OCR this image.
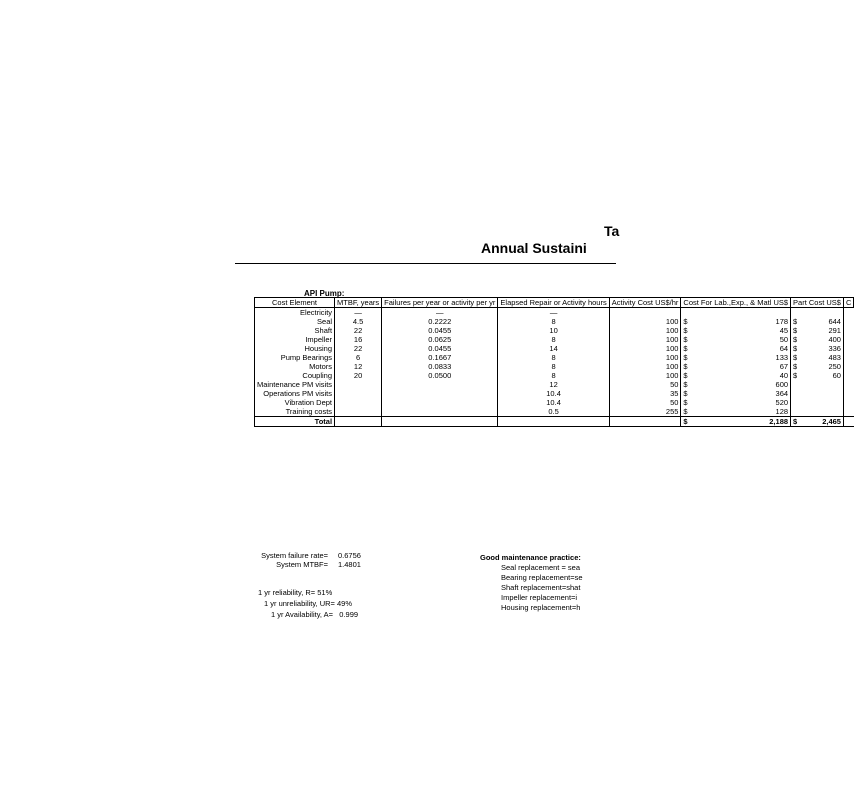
Ta
Annual Sustaini
API Pump:
Cost Element	MTBF, years	Failures per year or activity per yr	Elapsed Repair or Activity hours	Activity Cost US$/hr	Cost For Lab.,Exp., & Matl US$		Part Cost US$		C
Electricity	—	—	—						
Seal	4.5	0.2222	8	100	$	178	$	644	
Shaft	22	0.0455	10	100	$	45	$	291	
Impeller	16	0.0625	8	100	$	50	$	400	
Housing	22	0.0455	14	100	$	64	$	336	
Pump Bearings	6	0.1667	8	100	$	133	$	483	
Motors	12	0.0833	8	100	$	67	$	250	
Coupling	20	0.0500	8	100	$	40	$	60	
Maintenance PM visits			12	50	$	600			
Operations PM visits			10.4	35	$	364			
Vibration Dept			10.4	50	$	520			
Training costs			0.5	255	$	128			
Total					$	2,188	$	2,465	
System failure rate=	0.6756
System MTBF=	1.4801
1 yr reliability, R= 51%
1 yr unreliability, UR= 49%
1 yr Availability, A=   0.999
Good maintenance practice:
Seal replacement = sea
Bearing replacement=se
Shaft replacement=shat
Impeller replacement=i
Housing replacement=h
